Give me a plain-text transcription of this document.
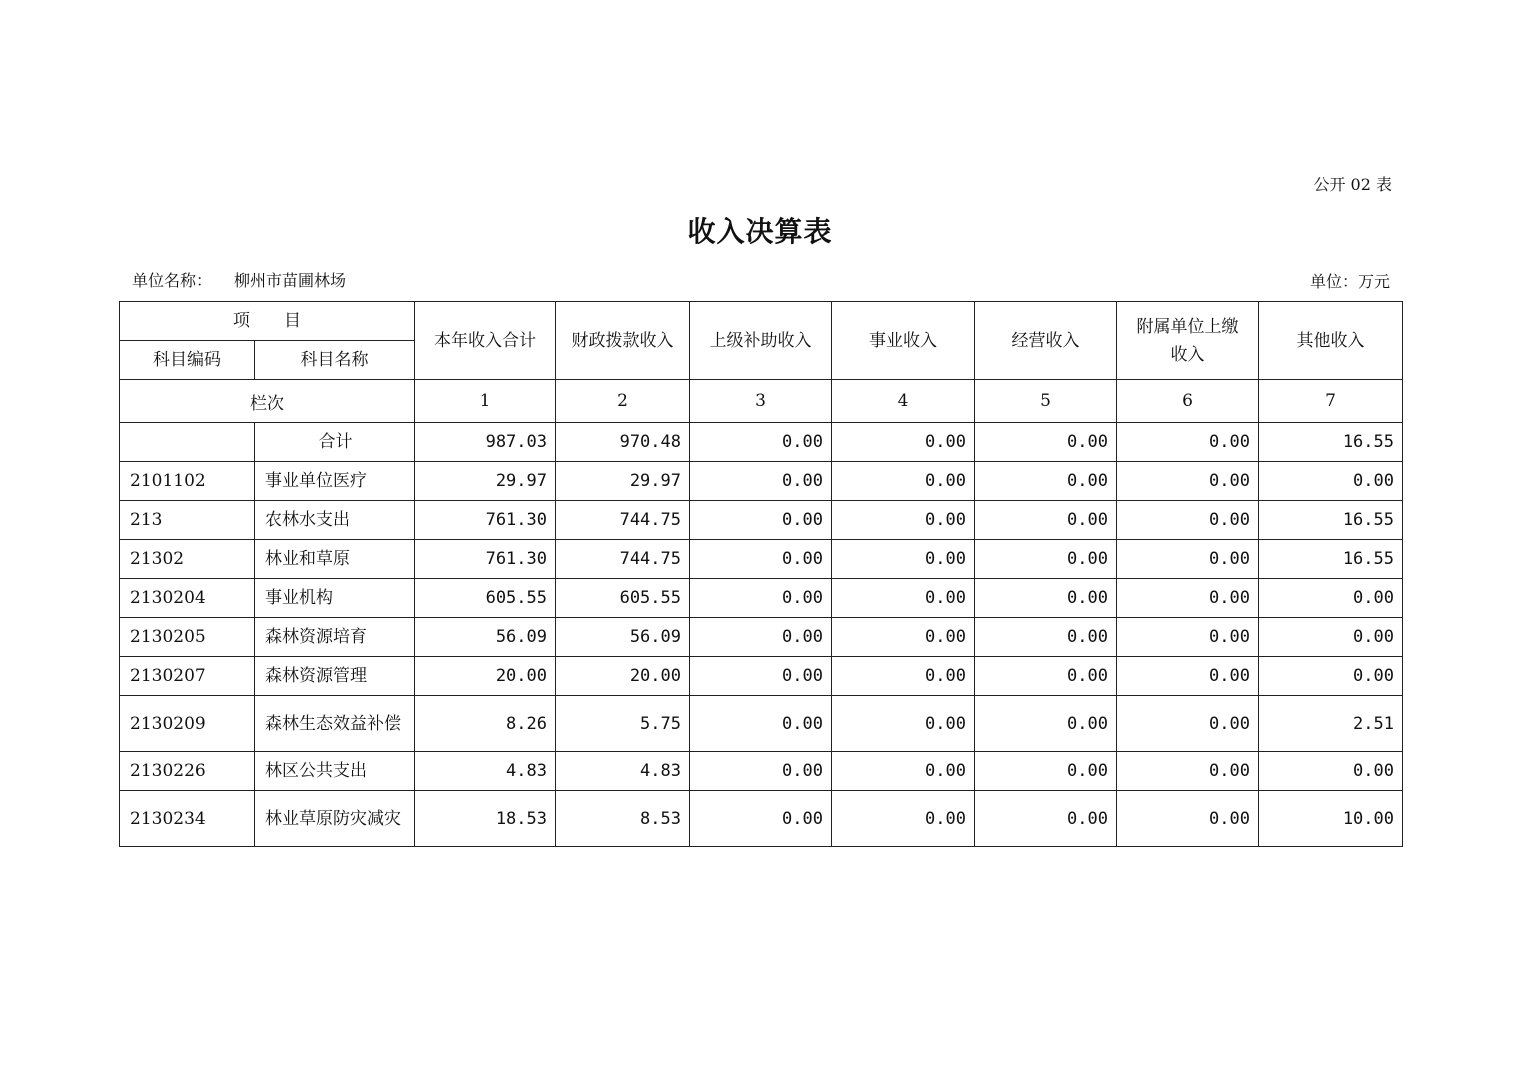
公开 02 表
收入决算表
单位名称： 柳州市苗圃林场	单位：万元
项　　目		本年收入合计	财政拨款收入	上级补助收入	事业收入	经营收入	附属单位上缴收入	其他收入
科目编码	科目名称							
栏次		1	2	3	4	5	6	7
	合计	987.03	970.48	0.00	0.00	0.00	0.00	16.55
2101102	事业单位医疗	29.97	29.97	0.00	0.00	0.00	0.00	0.00
213	农林水支出	761.30	744.75	0.00	0.00	0.00	0.00	16.55
21302	林业和草原	761.30	744.75	0.00	0.00	0.00	0.00	16.55
2130204	事业机构	605.55	605.55	0.00	0.00	0.00	0.00	0.00
2130205	森林资源培育	56.09	56.09	0.00	0.00	0.00	0.00	0.00
2130207	森林资源管理	20.00	20.00	0.00	0.00	0.00	0.00	0.00
2130209	森林生态效益补偿	8.26	5.75	0.00	0.00	0.00	0.00	2.51
2130226	林区公共支出	4.83	4.83	0.00	0.00	0.00	0.00	0.00
2130234	林业草原防灾减灾	18.53	8.53	0.00	0.00	0.00	0.00	10.00
